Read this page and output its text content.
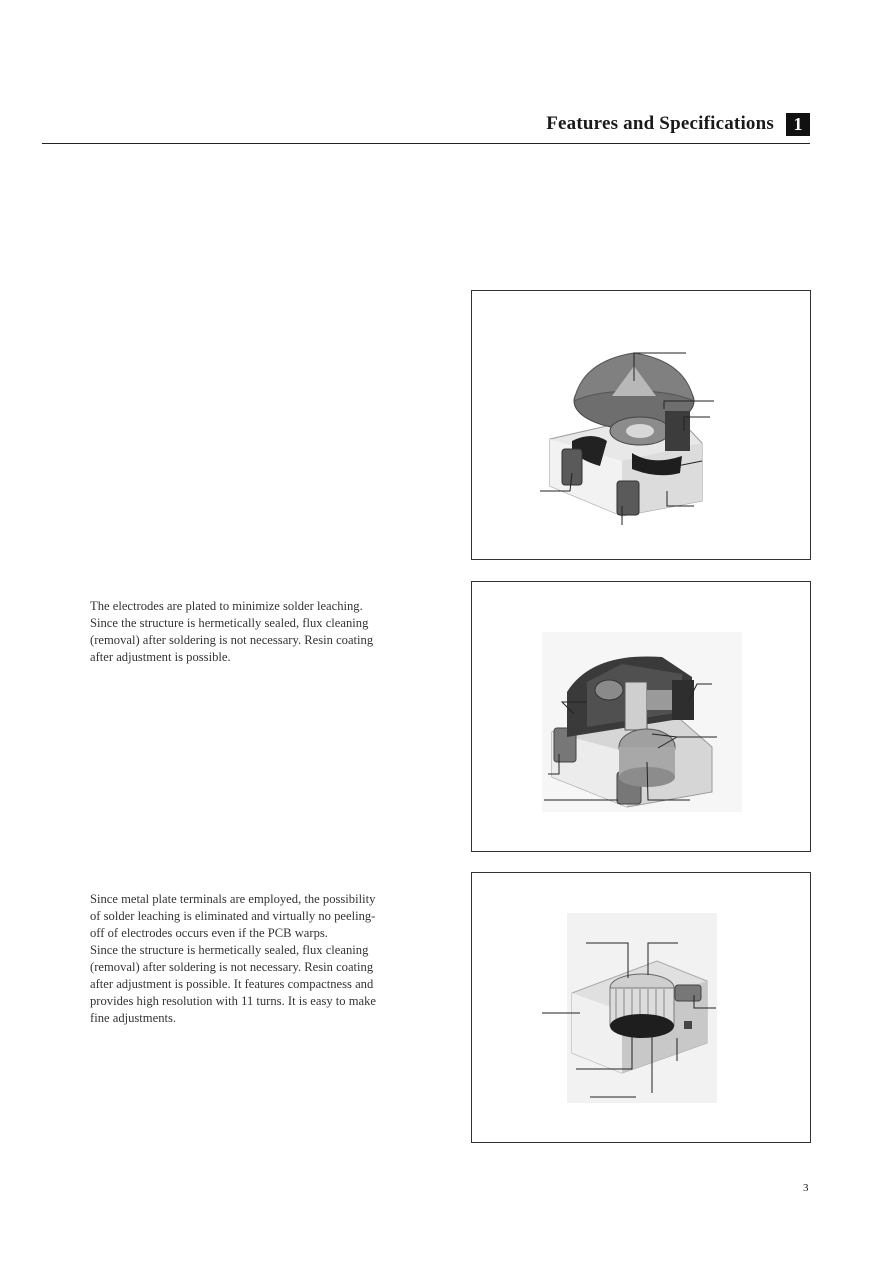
Features and Specifications	1

The electrodes are plated to minimize solder leaching.

Since the structure is hermetically sealed, flux cleaning

(removal) after soldering is not necessary. Resin coating

after adjustment is possible.

Since metal plate terminals are employed, the possibility

of solder leaching is eliminated and virtually no peeling-

off of electrodes occurs even if the PCB warps.

Since the structure is hermetically sealed, flux cleaning

(removal) after soldering is not necessary. Resin coating

after adjustment is possible. It features compactness and

provides high resolution with 11 turns. It is easy to make

fine adjustments.

3
